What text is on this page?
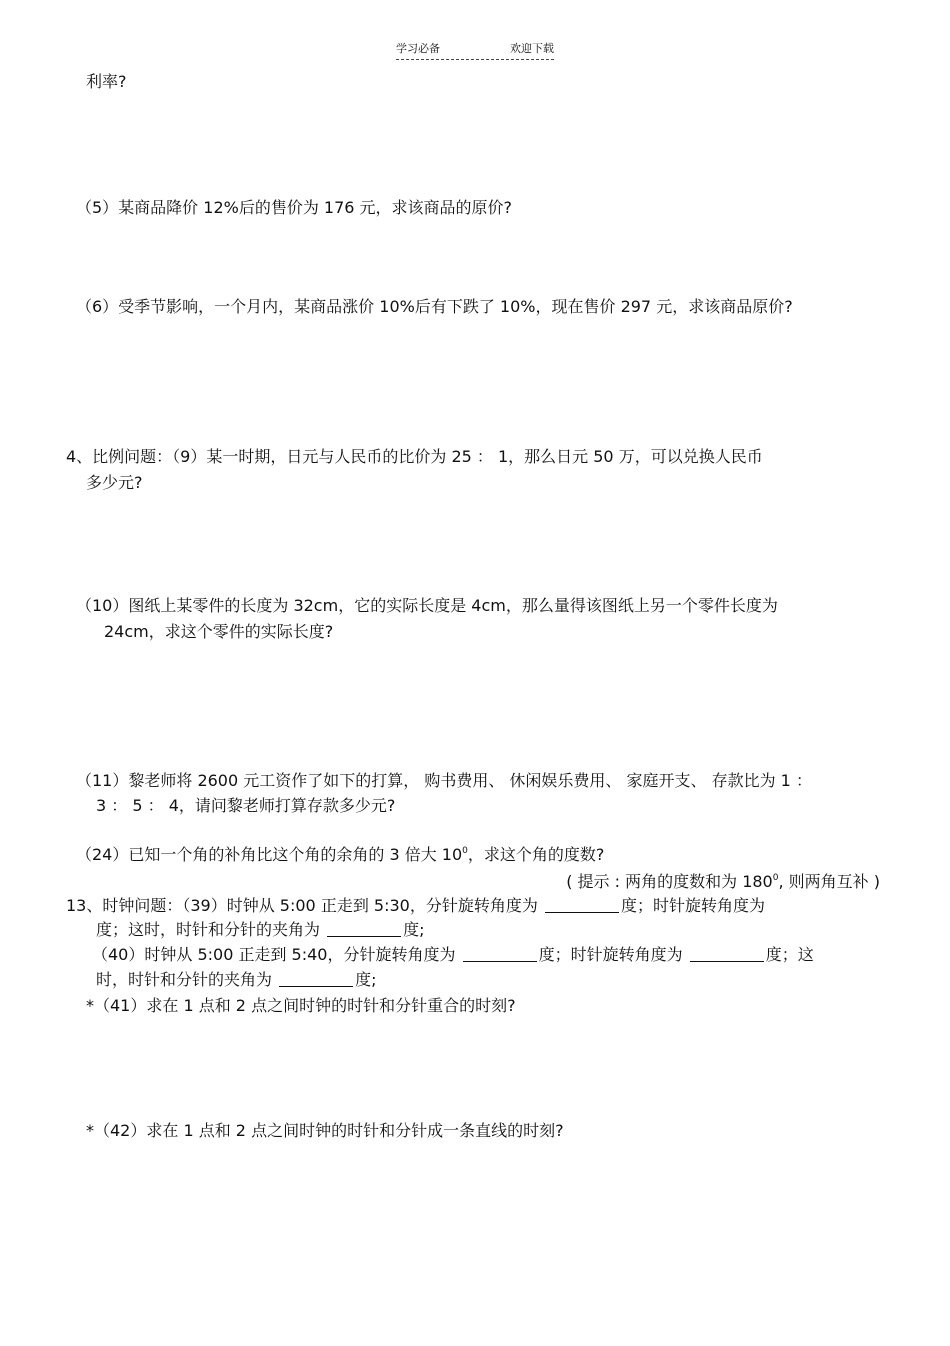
学习必备	欢迎下载
利率?
（5）某商品降价 12%后的售价为 176 元，求该商品的原价?
（6）受季节影响，一个月内，某商品涨价 10%后有下跌了 10%，现在售价 297 元，求该商品原价?
4、比例问题：（9）某一时期，日元与人民币的比价为 25 ： 1，那么日元 50 万，可以兑换人民币
多少元?
（10）图纸上某零件的长度为 32cm，它的实际长度是 4cm，那么量得该图纸上另一个零件长度为
24cm，求这个零件的实际长度?
（11）黎老师将 2600 元工资作了如下的打算， 购书费用、 休闲娱乐费用、 家庭开支、 存款比为 1 ：
3 ： 5 ： 4，请问黎老师打算存款多少元?
（24）已知一个角的补角比这个角的余角的 3 倍大 $10^0$，求这个角的度数?
( 提示 : 两角的度数和为 $180^0$, 则两角互补 )
13、时钟问题：（39）时钟从 5:00 正走到 5:30，分针旋转角度为	度；时针旋转角度为
度；这时，时针和分针的夹角为	度;
（40）时钟从 5:00 正走到 5:40，分针旋转角度为	度；时针旋转角度为	度；这
时，时针和分针的夹角为	度;
*（41）求在 1 点和 2 点之间时钟的时针和分针重合的时刻?
*（42）求在 1 点和 2 点之间时钟的时针和分针成一条直线的时刻?
